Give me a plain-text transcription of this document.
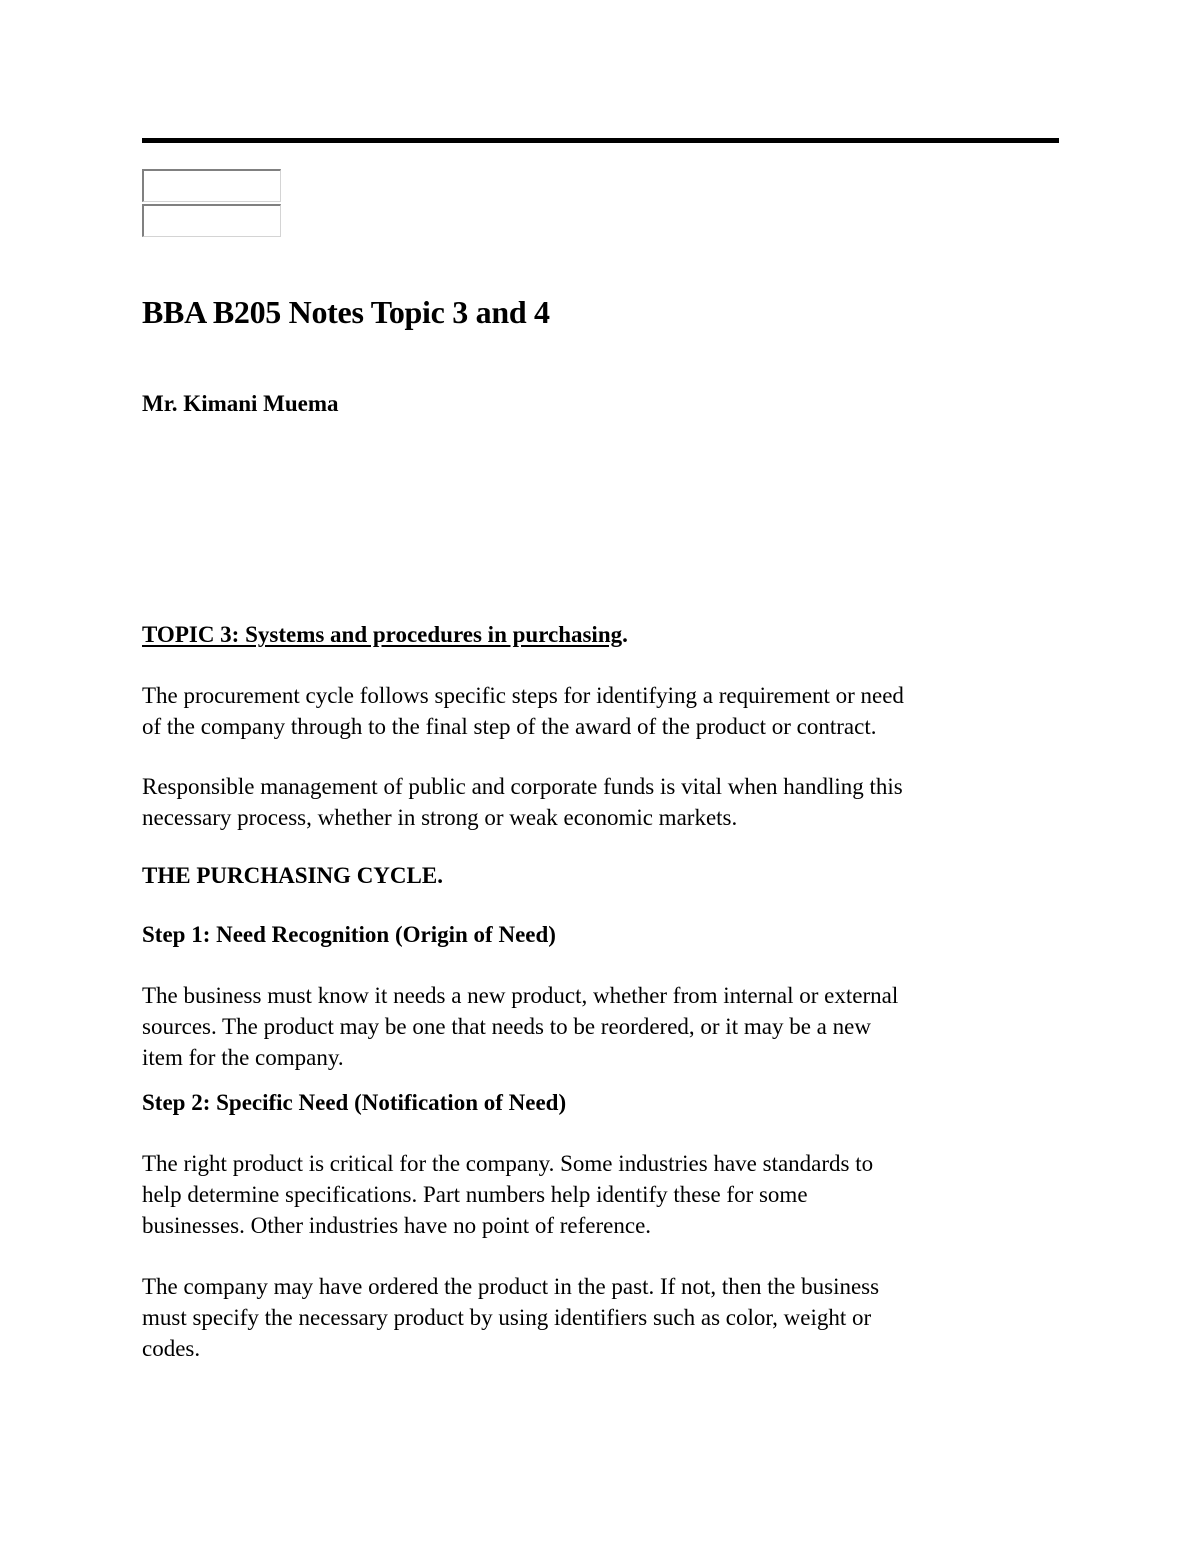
BBA B205 Notes Topic 3 and 4

Mr. Kimani Muema

TOPIC 3: Systems and procedures in purchasing.

The procurement cycle follows specific steps for identifying a requirement or need
of the company through to the final step of the award of the product or contract.

Responsible management of public and corporate funds is vital when handling this
necessary process, whether in strong or weak economic markets.

THE PURCHASING CYCLE.

Step 1: Need Recognition (Origin of Need)

The business must know it needs a new product, whether from internal or external
sources. The product may be one that needs to be reordered, or it may be a new
item for the company.

Step 2: Specific Need (Notification of Need)

The right product is critical for the company. Some industries have standards to
help determine specifications. Part numbers help identify these for some
businesses. Other industries have no point of reference.

The company may have ordered the product in the past. If not, then the business
must specify the necessary product by using identifiers such as color, weight or
codes.
